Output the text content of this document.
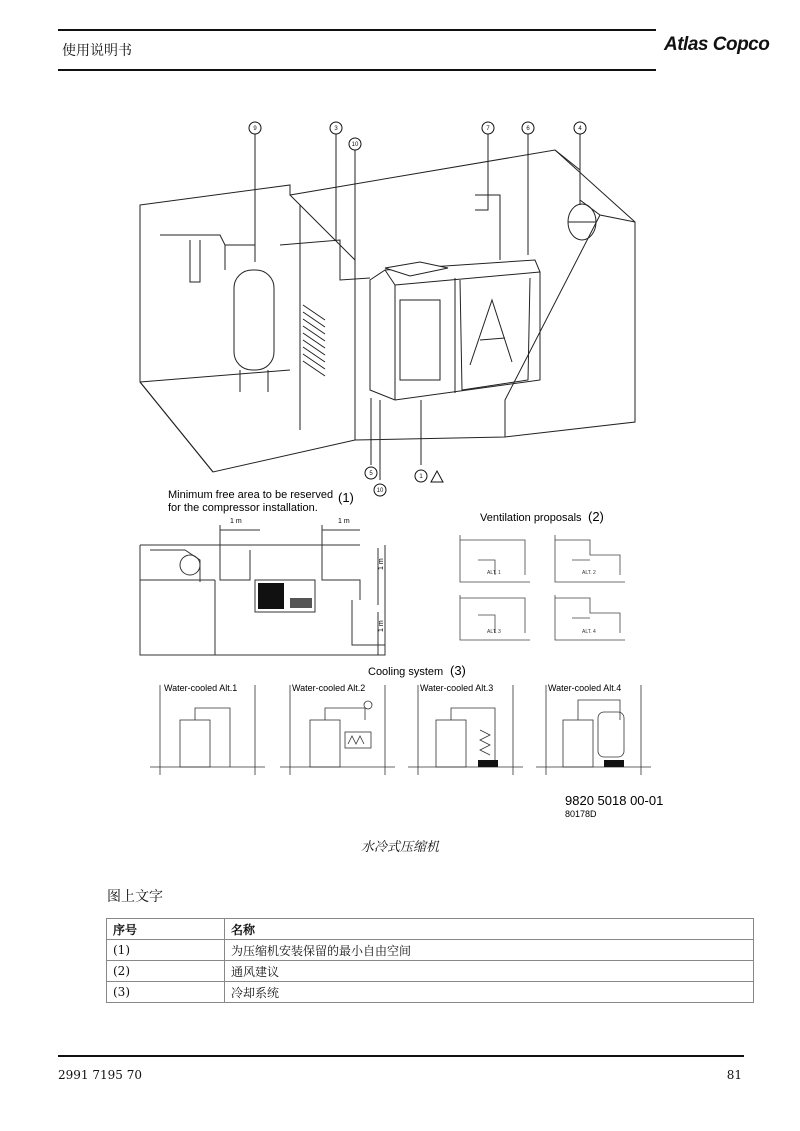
使用说明书	Atlas Copco
9	3
10
7	6	4
5
10
1
Minimum free area to be reserved
for the compressor installation.
(1)
1 m	1 m
1 m
1 m
Ventilation proposals (2)
ALT. 1	ALT. 2
ALT. 3	ALT. 4
Cooling system (3)
Water-cooled Alt.1	Water-cooled Alt.2	Water-cooled Alt.3	Water-cooled Alt.4
9820 5018 00-01
80178D
水冷式压缩机
图上文字
序号	名称
(1)	为压缩机安装保留的最小自由空间
(2)	通风建议
(3)	冷却系统
2991 7195 70	81
